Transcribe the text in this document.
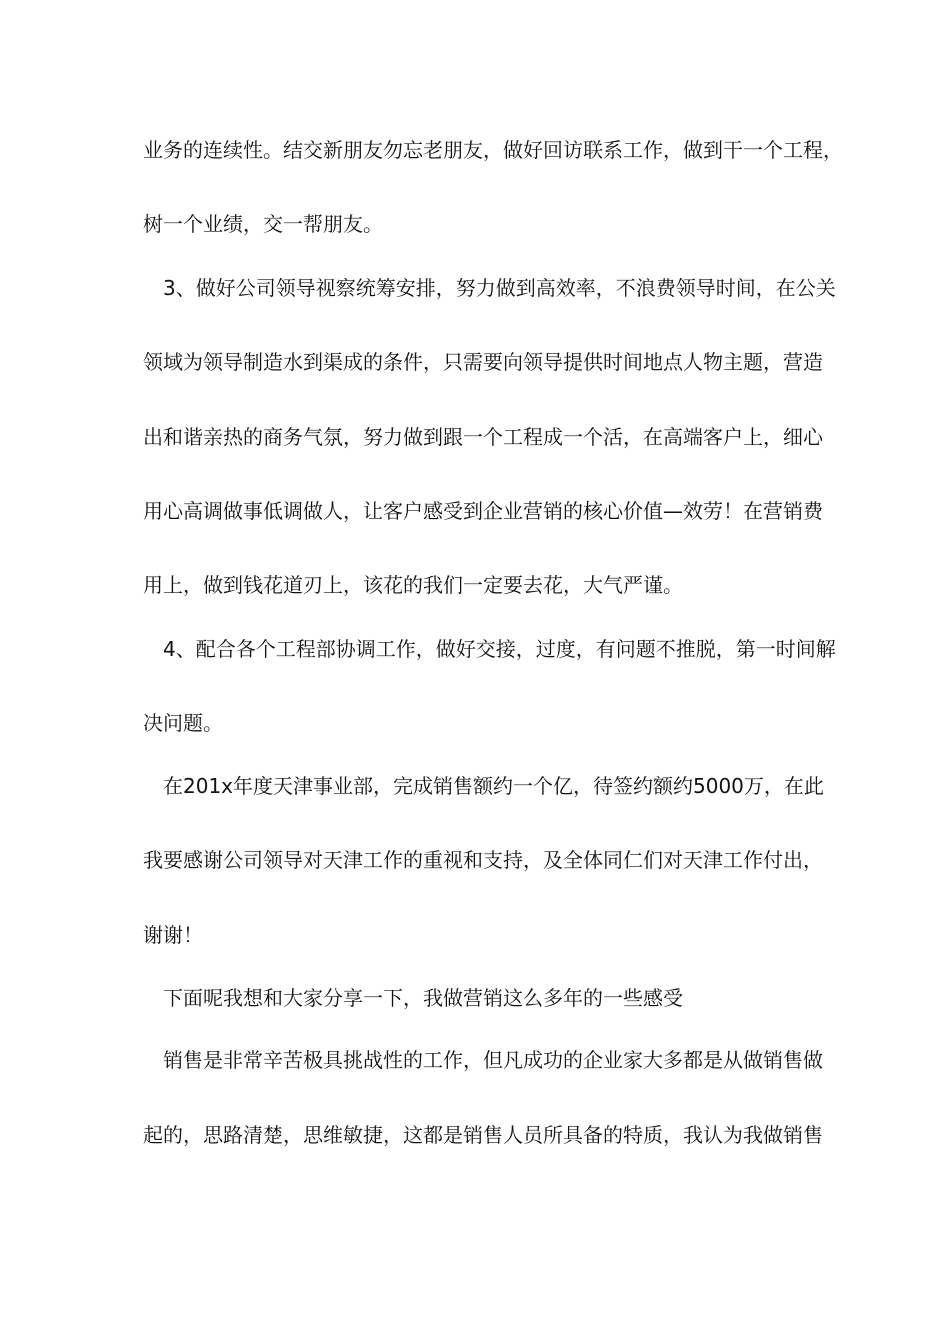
业务的连续性。结交新朋友勿忘老朋友，做好回访联系工作，做到干一个工程，
树一个业绩，交一帮朋友。
3、做好公司领导视察统筹安排，努力做到高效率，不浪费领导时间，在公关
领域为领导制造水到渠成的条件，只需要向领导提供时间地点人物主题，营造
出和谐亲热的商务气氛，努力做到跟一个工程成一个活，在高端客户上，细心
用心高调做事低调做人，让客户感受到企业营销的核心价值—效劳！在营销费
用上，做到钱花道刃上，该花的我们一定要去花，大气严谨。
4、配合各个工程部协调工作，做好交接，过度，有问题不推脱，第一时间解
决问题。
在201x年度天津事业部，完成销售额约一个亿，待签约额约5000万，在此
我要感谢公司领导对天津工作的重视和支持，及全体同仁们对天津工作付出，
谢谢！
下面呢我想和大家分享一下，我做营销这么多年的一些感受
销售是非常辛苦极具挑战性的工作，但凡成功的企业家大多都是从做销售做
起的，思路清楚，思维敏捷，这都是销售人员所具备的特质，我认为我做销售
